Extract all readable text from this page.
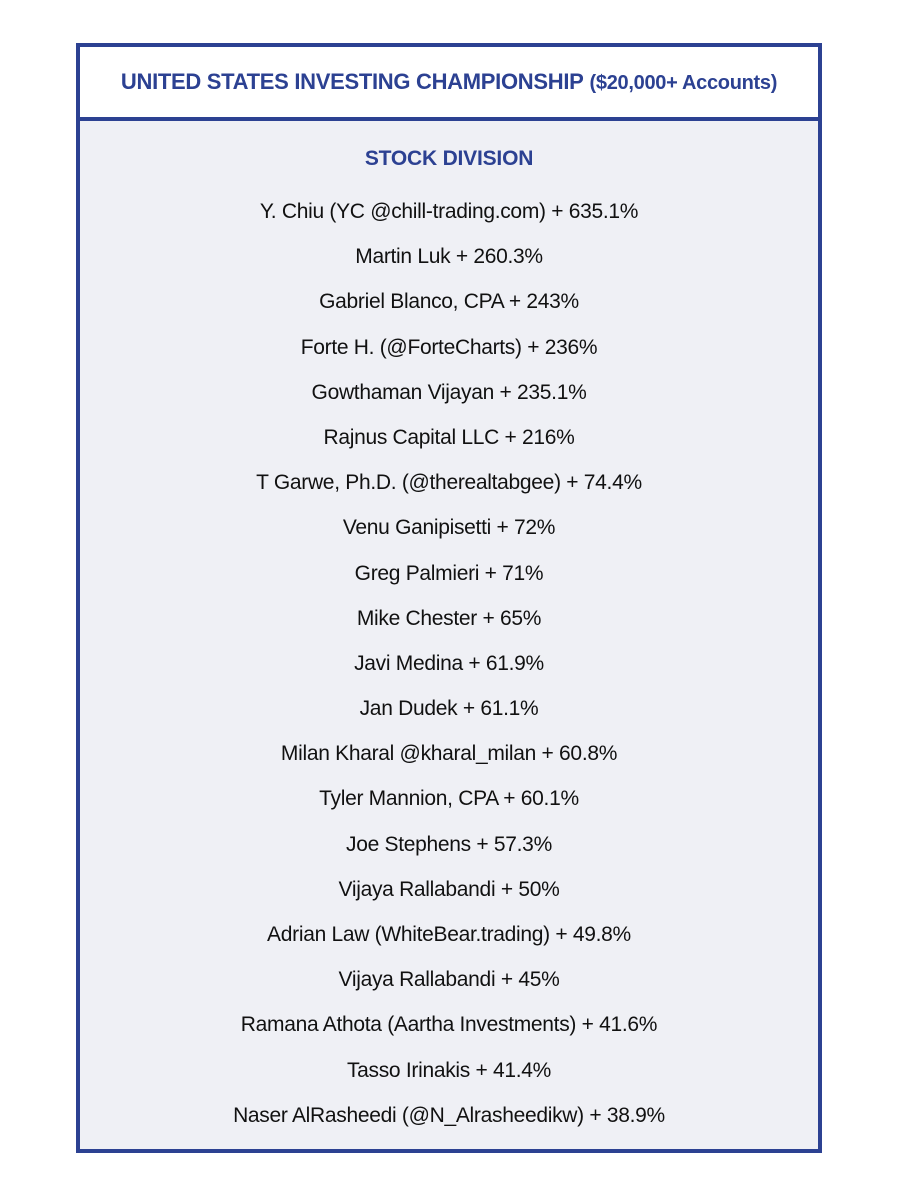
UNITED STATES INVESTING CHAMPIONSHIP ($20,000+ Accounts)
STOCK DIVISION
Y. Chiu (YC @chill-trading.com) + 635.1%
Martin Luk + 260.3%
Gabriel Blanco, CPA + 243%
Forte H. (@ForteCharts) + 236%
Gowthaman Vijayan + 235.1%
Rajnus Capital LLC + 216%
T Garwe, Ph.D. (@therealtabgee) + 74.4%
Venu Ganipisetti + 72%
Greg Palmieri + 71%
Mike Chester + 65%
Javi Medina + 61.9%
Jan Dudek + 61.1%
Milan Kharal @kharal_milan + 60.8%
Tyler Mannion, CPA + 60.1%
Joe Stephens + 57.3%
Vijaya Rallabandi + 50%
Adrian Law (WhiteBear.trading) + 49.8%
Vijaya Rallabandi + 45%
Ramana Athota (Aartha Investments) + 41.6%
Tasso Irinakis + 41.4%
Naser AlRasheedi (@N_Alrasheedikw) + 38.9%
